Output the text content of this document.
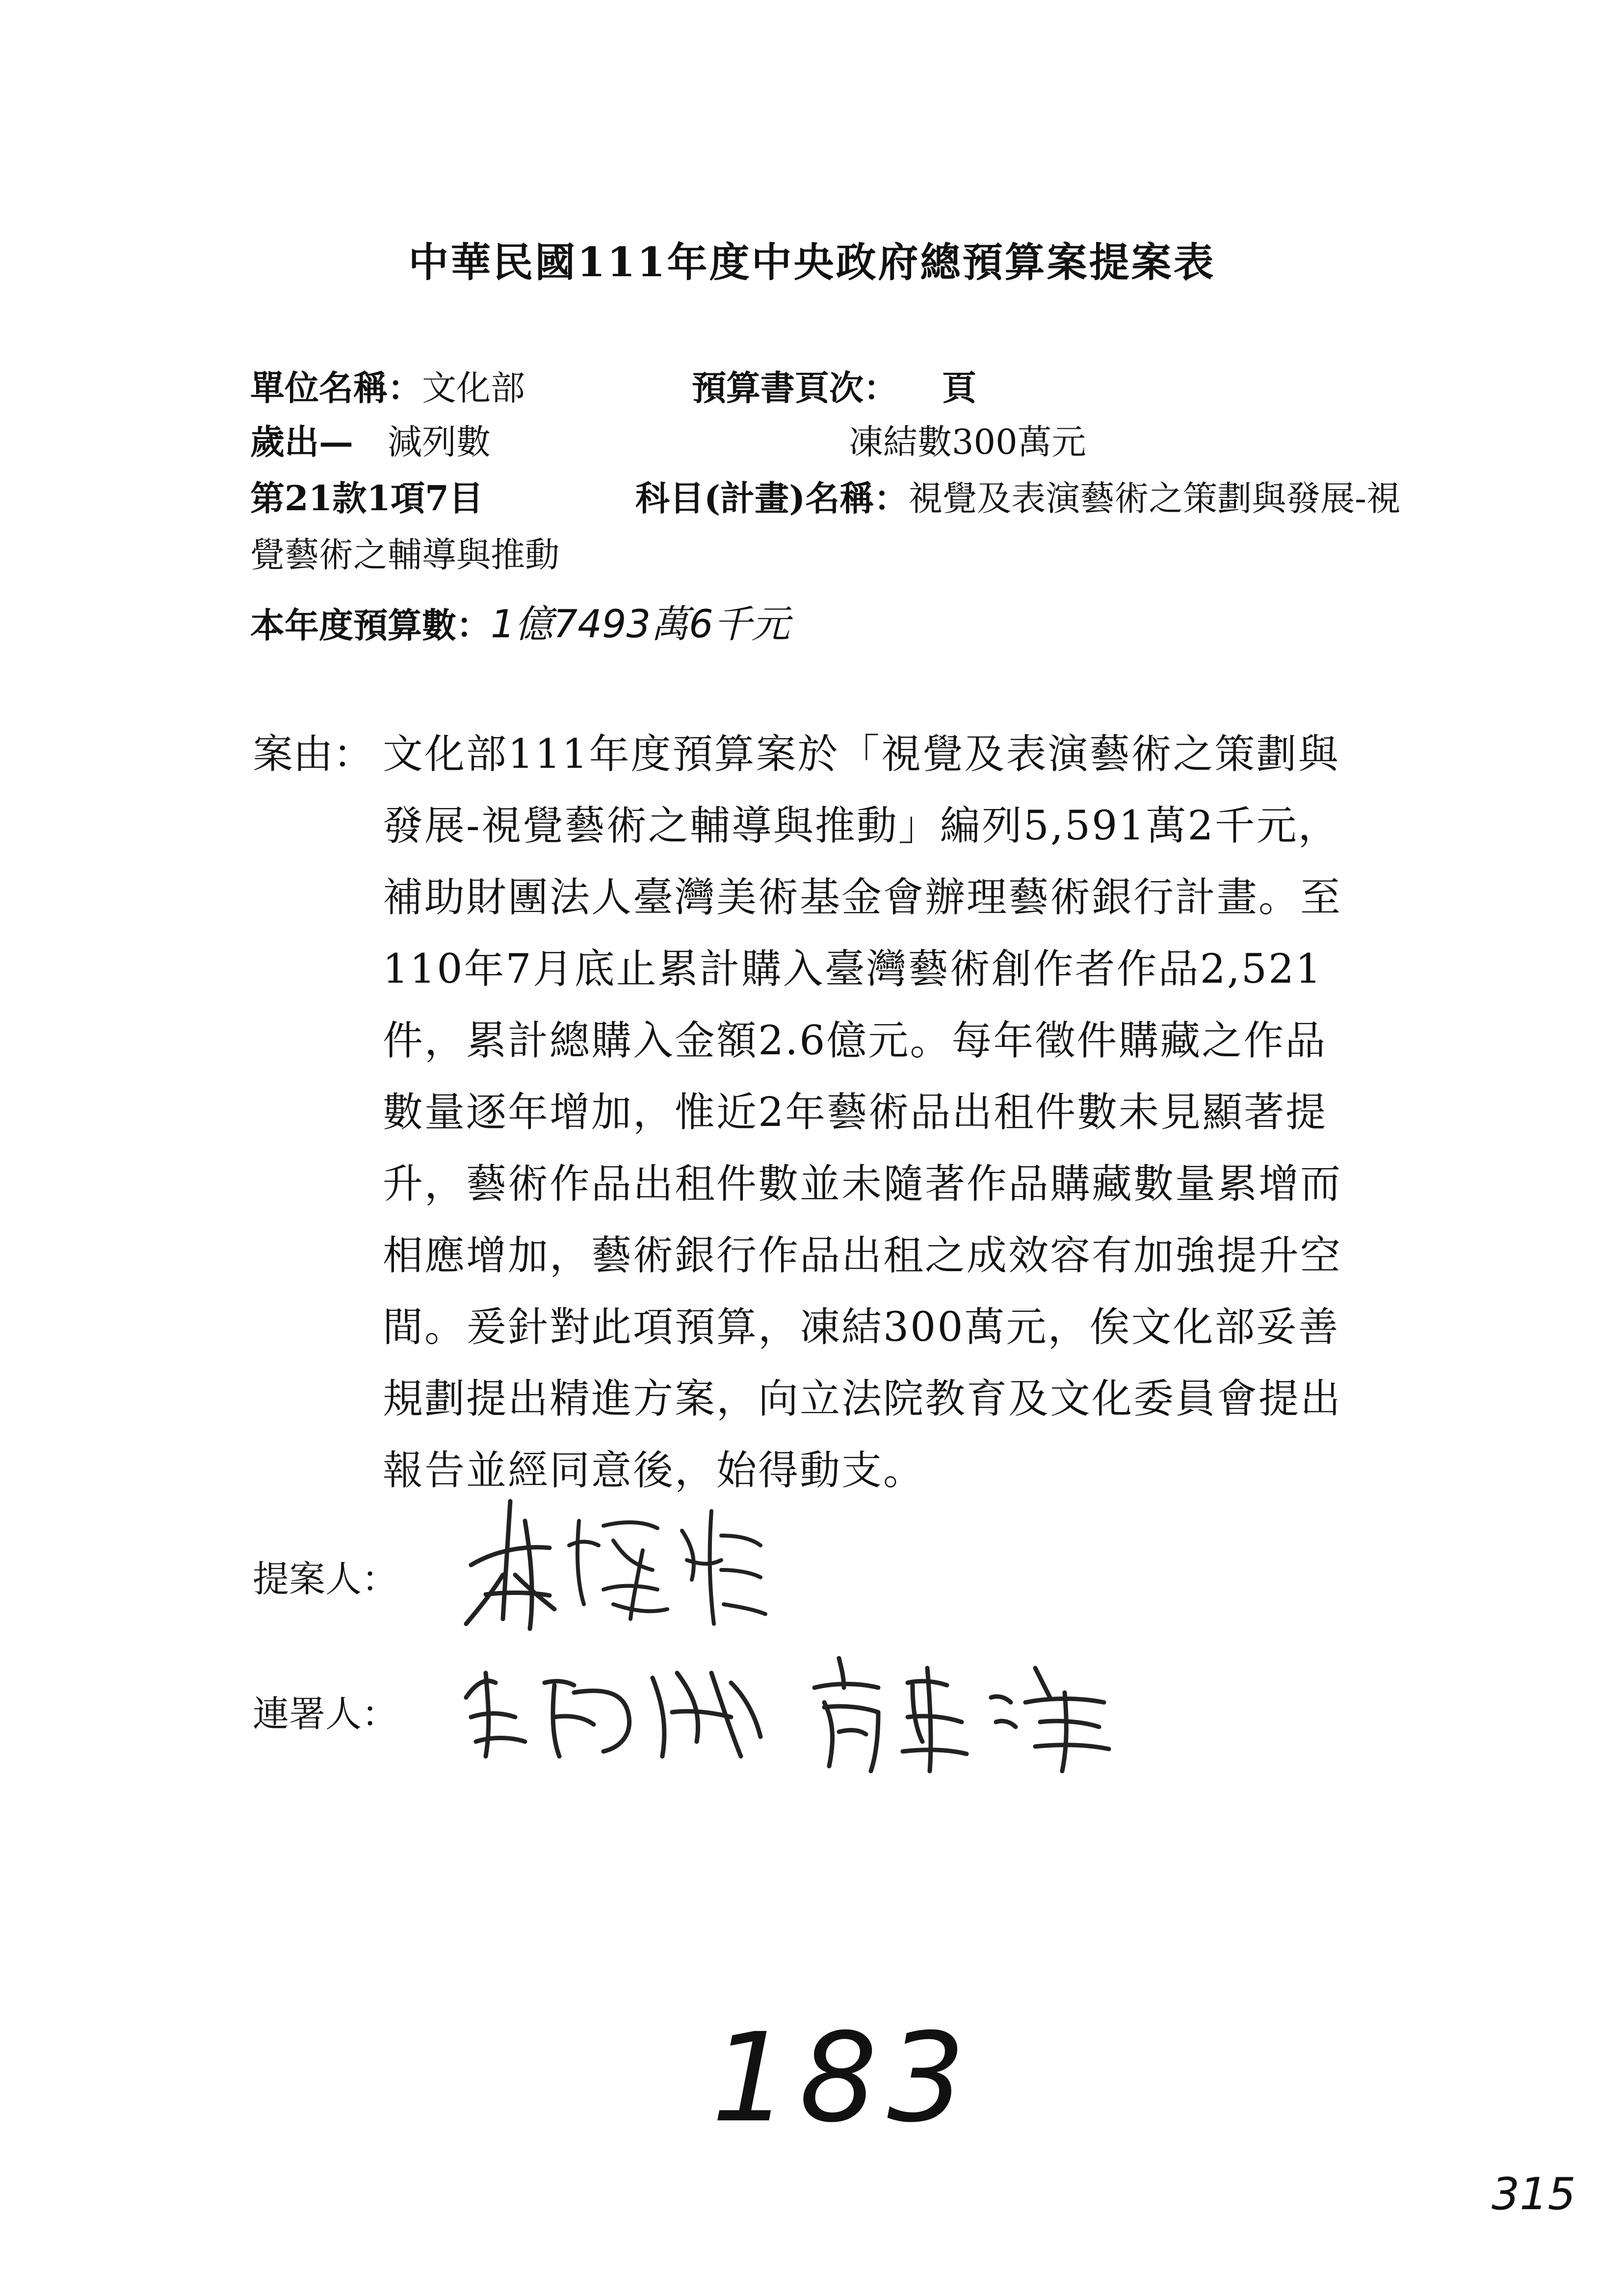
中華民國111年度中央政府總預算案提案表
單位名稱：文化部	預算書頁次： 頁
歲出— 減列數	凍結數300萬元
第21款1項7目	科目(計畫)名稱：視覺及表演藝術之策劃與發展-視
覺藝術之輔導與推動
本年度預算數：1億7493萬6千元
案由： 文化部111年度預算案於「視覺及表演藝術之策劃與
發展-視覺藝術之輔導與推動」編列5,591萬2千元，
補助財團法人臺灣美術基金會辦理藝術銀行計畫。至
110年7月底止累計購入臺灣藝術創作者作品2,521
件，累計總購入金額2.6億元。每年徵件購藏之作品
數量逐年增加，惟近2年藝術品出租件數未見顯著提
升，藝術作品出租件數並未隨著作品購藏數量累增而
相應增加，藝術銀行作品出租之成效容有加強提升空
間。爰針對此項預算，凍結300萬元，俟文化部妥善
規劃提出精進方案，向立法院教育及文化委員會提出
報告並經同意後，始得動支。
提案人：
連署人：
183
315
